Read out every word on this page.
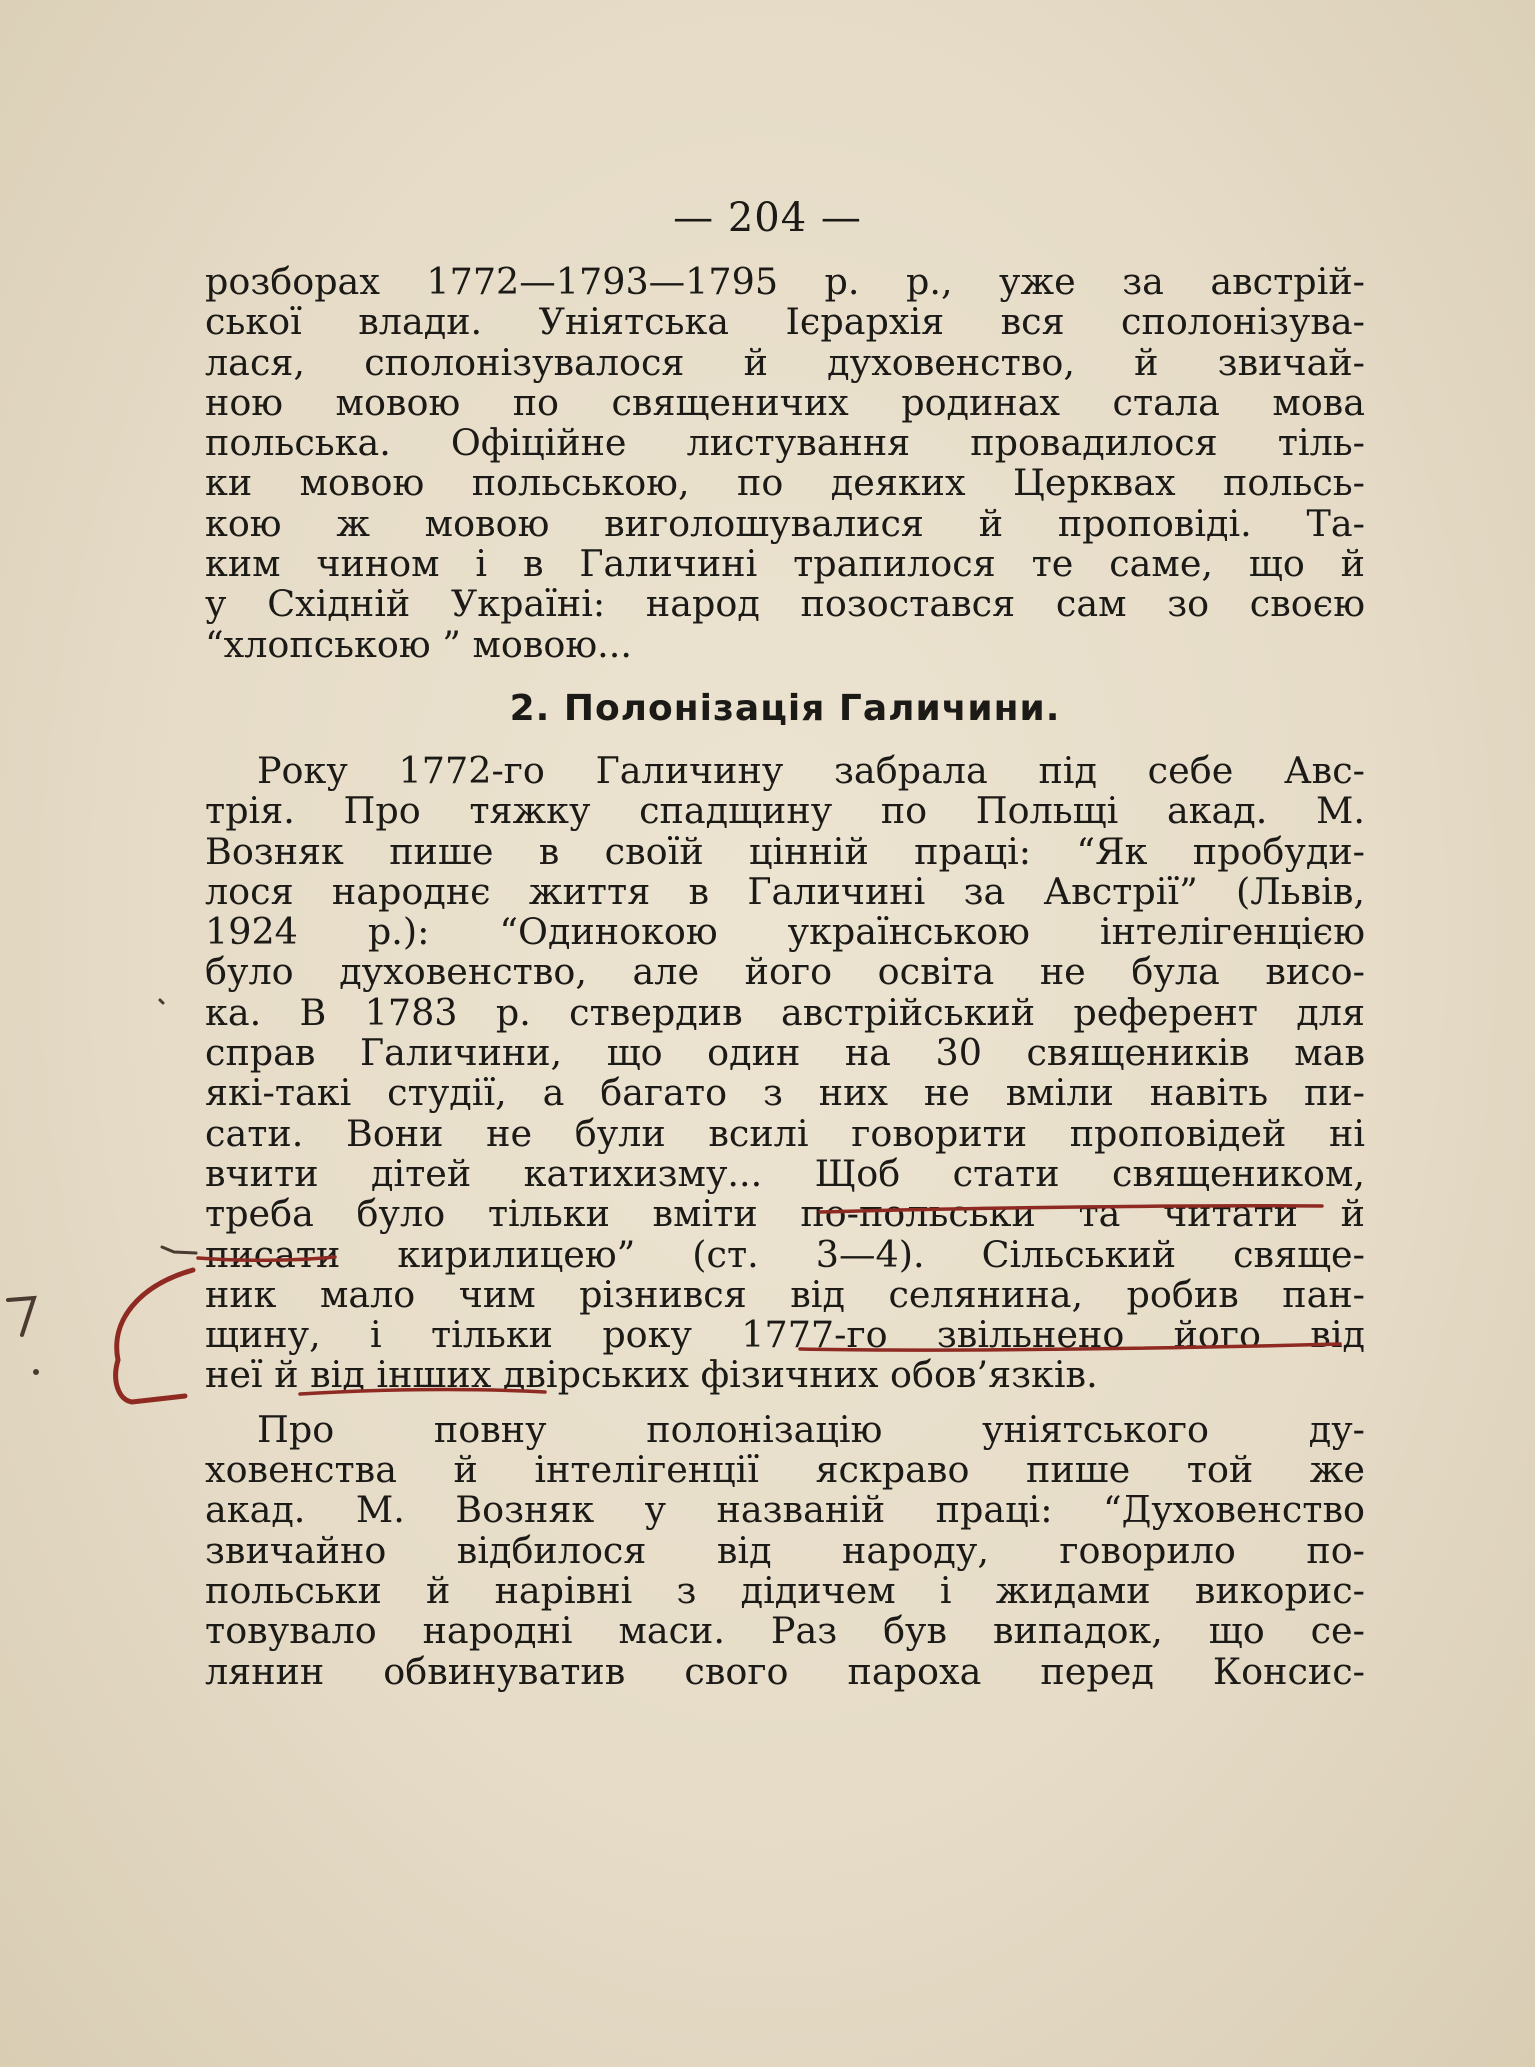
— 204 —
розборах 1772—1793—1795 р. р., уже за австрій-
ської влади. Уніятська Ієрархія вся сполонізува-
лася, сполонізувалося й духовенство, й звичай-
ною мовою по священичих родинах стала мова
польська. Офіційне листування провадилося тіль-
ки мовою польською, по деяких Церквах польсь-
кою ж мовою виголошувалися й проповіді. Та-
ким чином і в Галичині трапилося те саме, що й
у Східній Україні: народ позостався сам зо своєю
“хлопською ” мовою...
2. Полонізація Галичини.
Року 1772-го Галичину забрала під себе Авс-
трія. Про тяжку спадщину по Польщі акад. М.
Возняк пише в своїй цінній праці: “Як пробуди-
лося народнє життя в Галичині за Австрії” (Львів,
1924 р.): “Одинокою українською інтелігенцією
було духовенство, але його освіта не була висо-
ка. В 1783 р. ствердив австрійський референт для
справ Галичини, що один на 30 священиків мав
які-такі студії, а багато з них не вміли навіть пи-
сати. Вони не були всилі говорити проповідей ні
вчити дітей катихизму... Щоб стати священиком,
треба було тільки вміти по-польськи та читати й
писати кирилицею” (ст. 3—4). Сільський свяще-
ник мало чим різнився від селянина, робив пан-
щину, і тільки року 1777-го звільнено його від
неї й від інших двірських фізичних обов’язків.
Про повну полонізацію уніятського ду-
ховенства й інтелігенції яскраво пише той же
акад. М. Возняк у названій праці: “Духовенство
звичайно відбилося від народу, говорило по-
польськи й нарівні з дідичем і жидами викорис-
товувало народні маси. Раз був випадок, що се-
лянин обвинуватив свого пароха перед Консис-
